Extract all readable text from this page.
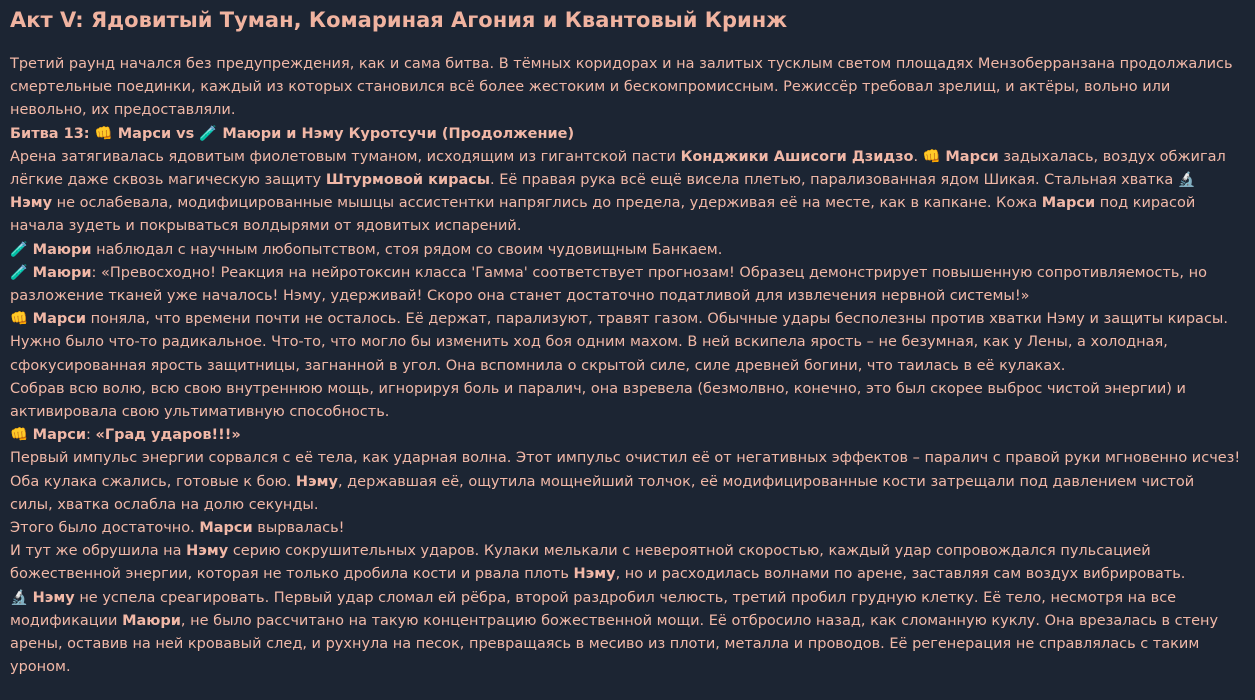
Акт V: Ядовитый Туман, Комариная Агония и Квантовый Кринж

Третий раунд начался без предупреждения, как и сама битва. В тёмных коридорах и на залитых тусклым светом площадях Мензоберранзана продолжались смертельные поединки, каждый из которых становился всё более жестоким и бескомпромиссным. Режиссёр требовал зрелищ, и актёры, вольно или невольно, их предоставляли.

Битва 13: 👊 Марси vs 🧪 Маюри и Нэму Куротсучи (Продолжение)

Арена затягивалась ядовитым фиолетовым туманом, исходящим из гигантской пасти Конджики Ашисоги Дзидзо. 👊 Марси задыхалась, воздух обжигал лёгкие даже сквозь магическую защиту Штурмовой кирасы. Её правая рука всё ещё висела плетью, парализованная ядом Шикая. Стальная хватка 🔬 Нэму не ослабевала, модифицированные мышцы ассистентки напряглись до предела, удерживая её на месте, как в капкане. Кожа Марси под кирасой начала зудеть и покрываться волдырями от ядовитых испарений.

🧪 Маюри наблюдал с научным любопытством, стоя рядом со своим чудовищным Банкаем.

🧪 Маюри: «Превосходно! Реакция на нейротоксин класса 'Гамма' соответствует прогнозам! Образец демонстрирует повышенную сопротивляемость, но разложение тканей уже началось! Нэму, удерживай! Скоро она станет достаточно податливой для извлечения нервной системы!»

👊 Марси поняла, что времени почти не осталось. Её держат, парализуют, травят газом. Обычные удары бесполезны против хватки Нэму и защиты кирасы. Нужно было что-то радикальное. Что-то, что могло бы изменить ход боя одним махом. В ней вскипела ярость – не безумная, как у Лены, а холодная, сфокусированная ярость защитницы, загнанной в угол. Она вспомнила о скрытой силе, силе древней богини, что таилась в её кулаках.

Собрав всю волю, всю свою внутреннюю мощь, игнорируя боль и паралич, она взревела (безмолвно, конечно, это был скорее выброс чистой энергии) и активировала свою ультимативную способность.

👊 Марси: «Град ударов!!!»

Первый импульс энергии сорвался с её тела, как ударная волна. Этот импульс очистил её от негативных эффектов – паралич с правой руки мгновенно исчез! Оба кулака сжались, готовые к бою. Нэму, державшая её, ощутила мощнейший толчок, её модифицированные кости затрещали под давлением чистой силы, хватка ослабла на долю секунды.

Этого было достаточно. Марси вырвалась!

И тут же обрушила на Нэму серию сокрушительных ударов. Кулаки мелькали с невероятной скоростью, каждый удар сопровождался пульсацией божественной энергии, которая не только дробила кости и рвала плоть Нэму, но и расходилась волнами по арене, заставляя сам воздух вибрировать.

🔬 Нэму не успела среагировать. Первый удар сломал ей рёбра, второй раздробил челюсть, третий пробил грудную клетку. Её тело, несмотря на все модификации Маюри, не было рассчитано на такую концентрацию божественной мощи. Её отбросило назад, как сломанную куклу. Она врезалась в стену арены, оставив на ней кровавый след, и рухнула на песок, превращаясь в месиво из плоти, металла и проводов. Её регенерация не справлялась с таким уроном.
